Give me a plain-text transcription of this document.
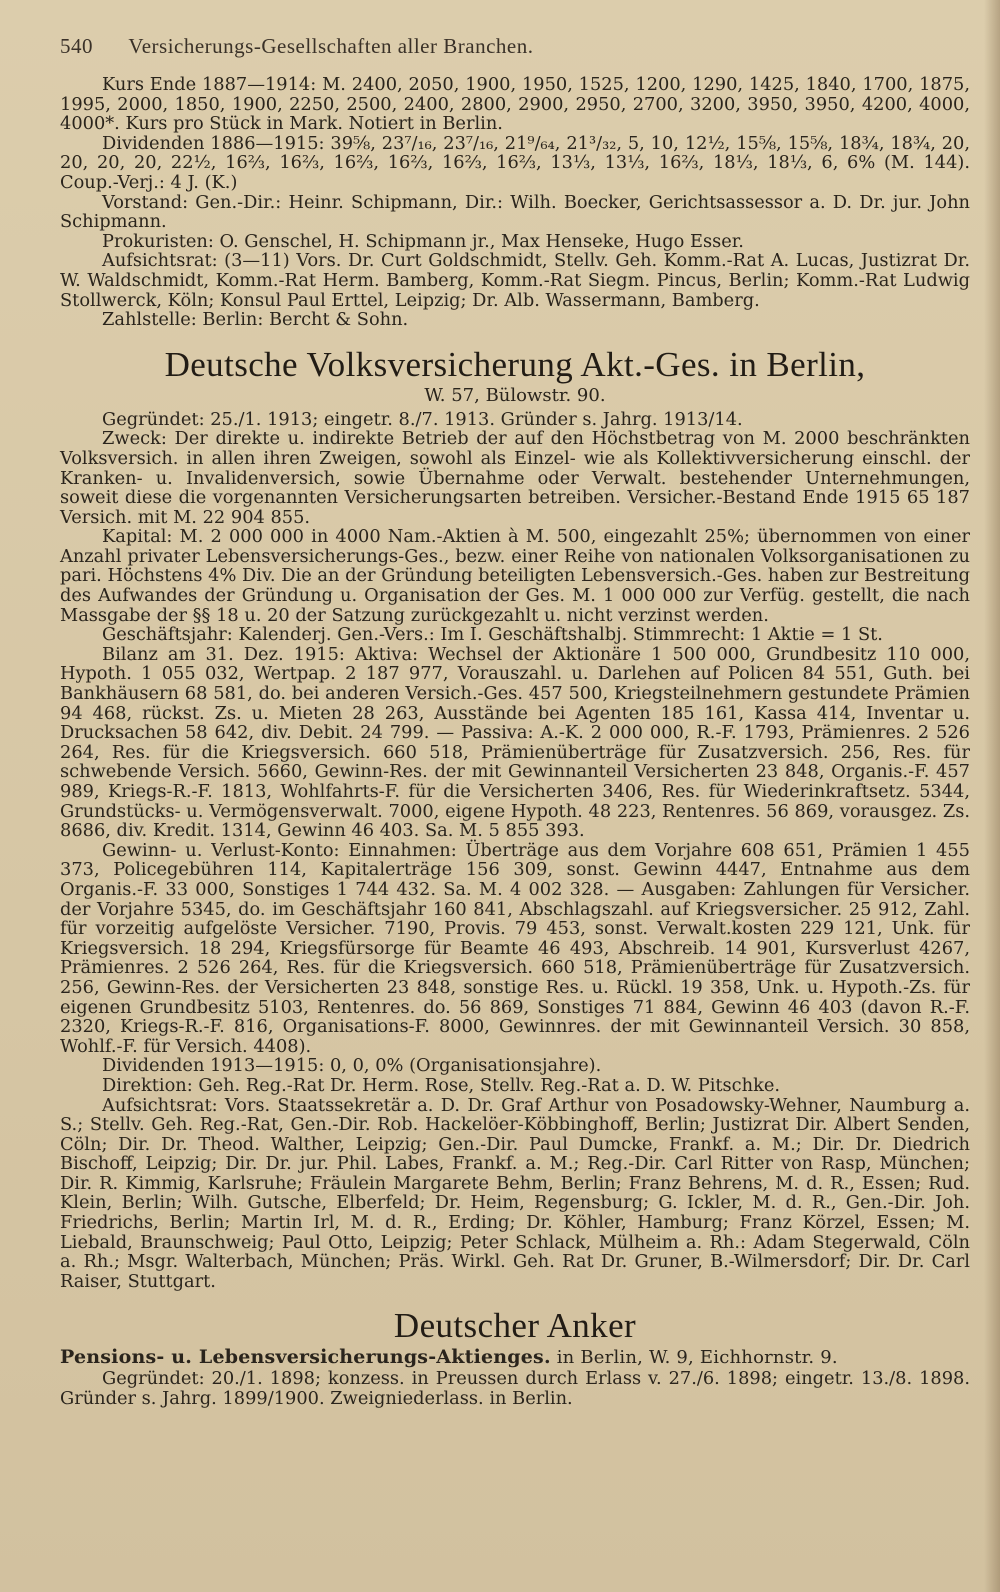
540 Versicherungs-Gesellschaften aller Branchen.

Kurs Ende 1887—1914: M. 2400, 2050, 1900, 1950, 1525, 1200, 1290, 1425, 1840, 1700, 1875, 1995, 2000, 1850, 1900, 2250, 2500, 2400, 2800, 2900, 2950, 2700, 3200, 3950, 3950, 4200, 4000, 4000*. Kurs pro Stück in Mark. Notiert in Berlin.

Dividenden 1886—1915: 39⅝, 23⁷/₁₆, 23⁷/₁₆, 21⁹/₆₄, 21³/₃₂, 5, 10, 12½, 15⅝, 15⅝, 18¾, 18¾, 20, 20, 20, 20, 22½, 16⅔, 16⅔, 16⅔, 16⅔, 16⅔, 16⅔, 13⅓, 13⅓, 16⅔, 18⅓, 18⅓, 6, 6% (M. 144). Coup.-Verj.: 4 J. (K.)

Vorstand: Gen.-Dir.: Heinr. Schipmann, Dir.: Wilh. Boecker, Gerichtsassessor a. D. Dr. jur. John Schipmann.

Prokuristen: O. Genschel, H. Schipmann jr., Max Henseke, Hugo Esser.

Aufsichtsrat: (3—11) Vors. Dr. Curt Goldschmidt, Stellv. Geh. Komm.-Rat A. Lucas, Justizrat Dr. W. Waldschmidt, Komm.-Rat Herm. Bamberg, Komm.-Rat Siegm. Pincus, Berlin; Komm.-Rat Ludwig Stollwerck, Köln; Konsul Paul Erttel, Leipzig; Dr. Alb. Wassermann, Bamberg.

Zahlstelle: Berlin: Bercht & Sohn.

Deutsche Volksversicherung Akt.-Ges. in Berlin,
W. 57, Bülowstr. 90.

Gegründet: 25./1. 1913; eingetr. 8./7. 1913. Gründer s. Jahrg. 1913/14.

Zweck: Der direkte u. indirekte Betrieb der auf den Höchstbetrag von M. 2000 beschränkten Volksversich. in allen ihren Zweigen, sowohl als Einzel- wie als Kollektivversicherung einschl. der Kranken- u. Invalidenversich, sowie Übernahme oder Verwalt. bestehender Unternehmungen, soweit diese die vorgenannten Versicherungsarten betreiben. Versicher.-Bestand Ende 1915 65 187 Versich. mit M. 22 904 855.

Kapital: M. 2 000 000 in 4000 Nam.-Aktien à M. 500, eingezahlt 25%; übernommen von einer Anzahl privater Lebensversicherungs-Ges., bezw. einer Reihe von nationalen Volksorganisationen zu pari. Höchstens 4% Div. Die an der Gründung beteiligten Lebensversich.-Ges. haben zur Bestreitung des Aufwandes der Gründung u. Organisation der Ges. M. 1 000 000 zur Verfüg. gestellt, die nach Massgabe der §§ 18 u. 20 der Satzung zurückgezahlt u. nicht verzinst werden.

Geschäftsjahr: Kalenderj. Gen.-Vers.: Im I. Geschäftshalbj. Stimmrecht: 1 Aktie = 1 St.

Bilanz am 31. Dez. 1915: Aktiva: Wechsel der Aktionäre 1 500 000, Grundbesitz 110 000, Hypoth. 1 055 032, Wertpap. 2 187 977, Vorauszahl. u. Darlehen auf Policen 84 551, Guth. bei Bankhäusern 68 581, do. bei anderen Versich.-Ges. 457 500, Kriegsteilnehmern gestundete Prämien 94 468, rückst. Zs. u. Mieten 28 263, Ausstände bei Agenten 185 161, Kassa 414, Inventar u. Drucksachen 58 642, div. Debit. 24 799. — Passiva: A.-K. 2 000 000, R.-F. 1793, Prämienres. 2 526 264, Res. für die Kriegsversich. 660 518, Prämienüberträge für Zusatzversich. 256, Res. für schwebende Versich. 5660, Gewinn-Res. der mit Gewinnanteil Versicherten 23 848, Organis.-F. 457 989, Kriegs-R.-F. 1813, Wohlfahrts-F. für die Versicherten 3406, Res. für Wiederinkraftsetz. 5344, Grundstücks- u. Vermögensverwalt. 7000, eigene Hypoth. 48 223, Rentenres. 56 869, vorausgez. Zs. 8686, div. Kredit. 1314, Gewinn 46 403. Sa. M. 5 855 393.

Gewinn- u. Verlust-Konto: Einnahmen: Überträge aus dem Vorjahre 608 651, Prämien 1 455 373, Policegebühren 114, Kapitalerträge 156 309, sonst. Gewinn 4447, Entnahme aus dem Organis.-F. 33 000, Sonstiges 1 744 432. Sa. M. 4 002 328. — Ausgaben: Zahlungen für Versicher. der Vorjahre 5345, do. im Geschäftsjahr 160 841, Abschlagszahl. auf Kriegsversicher. 25 912, Zahl. für vorzeitig aufgelöste Versicher. 7190, Provis. 79 453, sonst. Verwalt.kosten 229 121, Unk. für Kriegsversich. 18 294, Kriegsfürsorge für Beamte 46 493, Abschreib. 14 901, Kursverlust 4267, Prämienres. 2 526 264, Res. für die Kriegsversich. 660 518, Prämienüberträge für Zusatzversich. 256, Gewinn-Res. der Versicherten 23 848, sonstige Res. u. Rückl. 19 358, Unk. u. Hypoth.-Zs. für eigenen Grundbesitz 5103, Rentenres. do. 56 869, Sonstiges 71 884, Gewinn 46 403 (davon R.-F. 2320, Kriegs-R.-F. 816, Organisations-F. 8000, Gewinnres. der mit Gewinnanteil Versich. 30 858, Wohlf.-F. für Versich. 4408).

Dividenden 1913—1915: 0, 0, 0% (Organisationsjahre).

Direktion: Geh. Reg.-Rat Dr. Herm. Rose, Stellv. Reg.-Rat a. D. W. Pitschke.

Aufsichtsrat: Vors. Staatssekretär a. D. Dr. Graf Arthur von Posadowsky-Wehner, Naumburg a. S.; Stellv. Geh. Reg.-Rat, Gen.-Dir. Rob. Hackelöer-Köbbinghoff, Berlin; Justizrat Dir. Albert Senden, Cöln; Dir. Dr. Theod. Walther, Leipzig; Gen.-Dir. Paul Dumcke, Frankf. a. M.; Dir. Dr. Diedrich Bischoff, Leipzig; Dir. Dr. jur. Phil. Labes, Frankf. a. M.; Reg.-Dir. Carl Ritter von Rasp, München; Dir. R. Kimmig, Karlsruhe; Fräulein Margarete Behm, Berlin; Franz Behrens, M. d. R., Essen; Rud. Klein, Berlin; Wilh. Gutsche, Elberfeld; Dr. Heim, Regensburg; G. Ickler, M. d. R., Gen.-Dir. Joh. Friedrichs, Berlin; Martin Irl, M. d. R., Erding; Dr. Köhler, Hamburg; Franz Körzel, Essen; M. Liebald, Braunschweig; Paul Otto, Leipzig; Peter Schlack, Mülheim a. Rh.: Adam Stegerwald, Cöln a. Rh.; Msgr. Walterbach, München; Präs. Wirkl. Geh. Rat Dr. Gruner, B.-Wilmersdorf; Dir. Dr. Carl Raiser, Stuttgart.

Deutscher Anker
Pensions- u. Lebensversicherungs-Aktienges. in Berlin, W. 9, Eichhornstr. 9.

Gegründet: 20./1. 1898; konzess. in Preussen durch Erlass v. 27./6. 1898; eingetr. 13./8. 1898. Gründer s. Jahrg. 1899/1900. Zweigniederlass. in Berlin.
